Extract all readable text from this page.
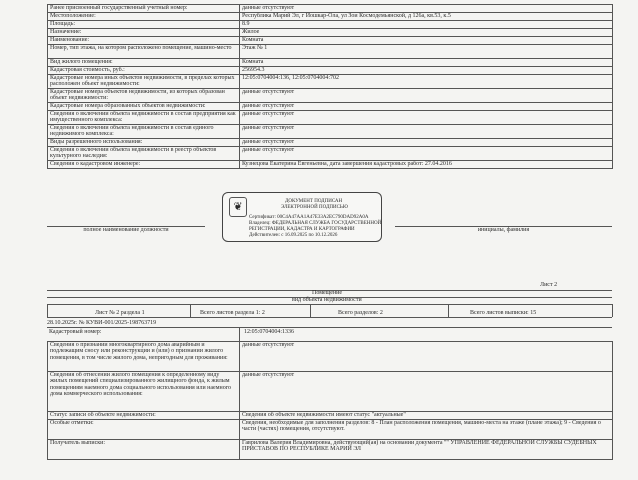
Ранее присвоенный государственный учетный номер:	данные отсутствуют
Местоположение:	Республика Марий Эл, г Йошкар-Ола, ул Зои Космодемьянской, д 126а, кв.53, к.5
Площадь:	8.9
Назначение:	Жилое
Наименование:	Комната
Номер, тип этажа, на котором расположено помещение, машино-место	Этаж № 1
Вид жилого помещения:	Комната
Кадастровая стоимость, руб.:	256954.3
Кадастровые номера иных объектов недвижимости, в пределах которых расположен объект недвижимости:	12:05:0704004:136, 12:05:0704004:702
Кадастровые номера объектов недвижимости, из которых образован объект недвижимости:	данные отсутствуют
Кадастровые номера образованных объектов недвижимости:	данные отсутствуют
Сведения о включении объекта недвижимости в состав предприятия как имущественного комплекса:	данные отсутствуют
Сведения о включении объекта недвижимости в состав единого недвижимого комплекса:	данные отсутствуют
Виды разрешенного использования:	данные отсутствуют
Сведения о включении объекта недвижимости в реестр объектов культурного наследия:	данные отсутствуют
Сведения о кадастровом инженере:	Кузнецова Екатерина Евгеньевна, дата завершения кадастровых работ: 27.04.2016
полное наименование должности	инициалы, фамилия
❦	ДОКУМЕНТ ПОДПИСАН
ЭЛЕКТРОННОЙ ПОДПИСЬЮ
Сертификат: 00C4A47AA1A47E33A2EC790DAD92A0A
Владелец: ФЕДЕРАЛЬНАЯ СЛУЖБА ГОСУДАРСТВЕННОЙ
РЕГИСТРАЦИИ, КАДАСТРА И КАРТОГРАФИИ
Действителен: с 16.09.2025 по 10.12.2026
Лист 2
Помещение
вид объекта недвижимости
Лист № 2 раздела 1	Всего листов раздела 1: 2	Всего разделов: 2	Всего листов выписки: 15
28.10.2025г. № КУВИ-001/2025-198763719
Кадастровый номер:	12:05:0704004:1336
Сведения о признании многоквартирного дома аварийным и подлежащим сносу или реконструкции и (или) о признании жилого помещения, в том числе жилого дома, непригодным для проживания:	данные отсутствуют
Сведения об отнесении жилого помещения к определенному виду жилых помещений специализированного жилищного фонда, к жилым помещениям наемного дома социального использования или наемного дома коммерческого использования:	данные отсутствуют
Статус записи об объекте недвижимости:	Сведения об объекте недвижимости имеют статус "актуальные"
Особые отметки:	Сведения, необходимые для заполнения разделов: 8 - План расположения помещения, машино-места на этаже (плане этажа); 9 - Сведения о части (частях) помещения, отсутствуют.
Получатель выписки:	Гаврилова Валерия Владимировна, действующий(ая) на основании документа "" УПРАВЛЕНИЕ ФЕДЕРАЛЬНОЙ СЛУЖБЫ СУДЕБНЫХ ПРИСТАВОВ ПО РЕСПУБЛИКЕ МАРИЙ ЭЛ
